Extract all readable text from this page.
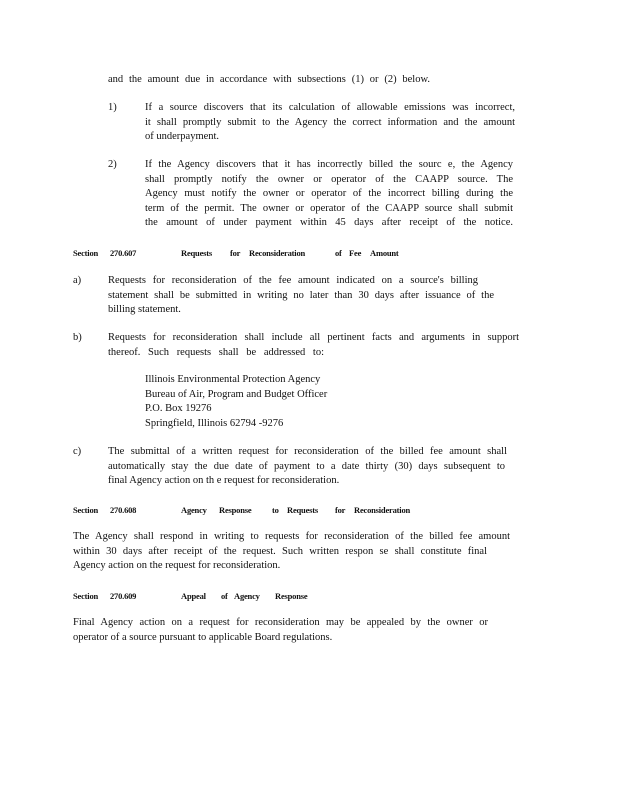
and the amount due in accordance with subsections (1) or (2) below.
1)	If a source discovers that its calculation of allowable emissions was incorrect,
it shall promptly submit to the Agency the correct information and the amount
of underpayment.
2)	If the Agency discovers that it has incorrectly billed the sourc e, the Agency
shall promptly notify the owner or operator of the CAAPP source. The
Agency must notify the owner or operator of the incorrect billing during the
term of the permit. The owner or operator of the CAAPP source shall submit
the amount of under payment within 45 days after receipt of the notice.
Section 270.607	Requests for Reconsideration	of Fee Amount
a)	Requests for reconsideration of the fee amount indicated on a source's billing
statement shall be submitted in writing no later than 30 days after issuance of the
billing statement.
b)	Requests for reconsideration shall include all pertinent facts and arguments in support
thereof. Such requests shall be addressed to:
Illinois Environmental Protection Agency
Bureau of Air, Program and Budget Officer
P.O. Box 19276
Springfield, Illinois 62794 -9276
c)	The submittal of a written request for reconsideration of the billed fee amount shall
automatically stay the due date of payment to a date thirty (30) days subsequent to
final Agency action on th e request for reconsideration.
Section 270.608	Agency Response to Requests for Reconsideration
The Agency shall respond in writing to requests for reconsideration of the billed fee amount
within 30 days after receipt of the request. Such written respon se shall constitute final
Agency action on the request for reconsideration.
Section 270.609	Appeal of Agency Response
Final Agency action on a request for reconsideration may be appealed by the owner or
operator of a source pursuant to applicable Board regulations.
